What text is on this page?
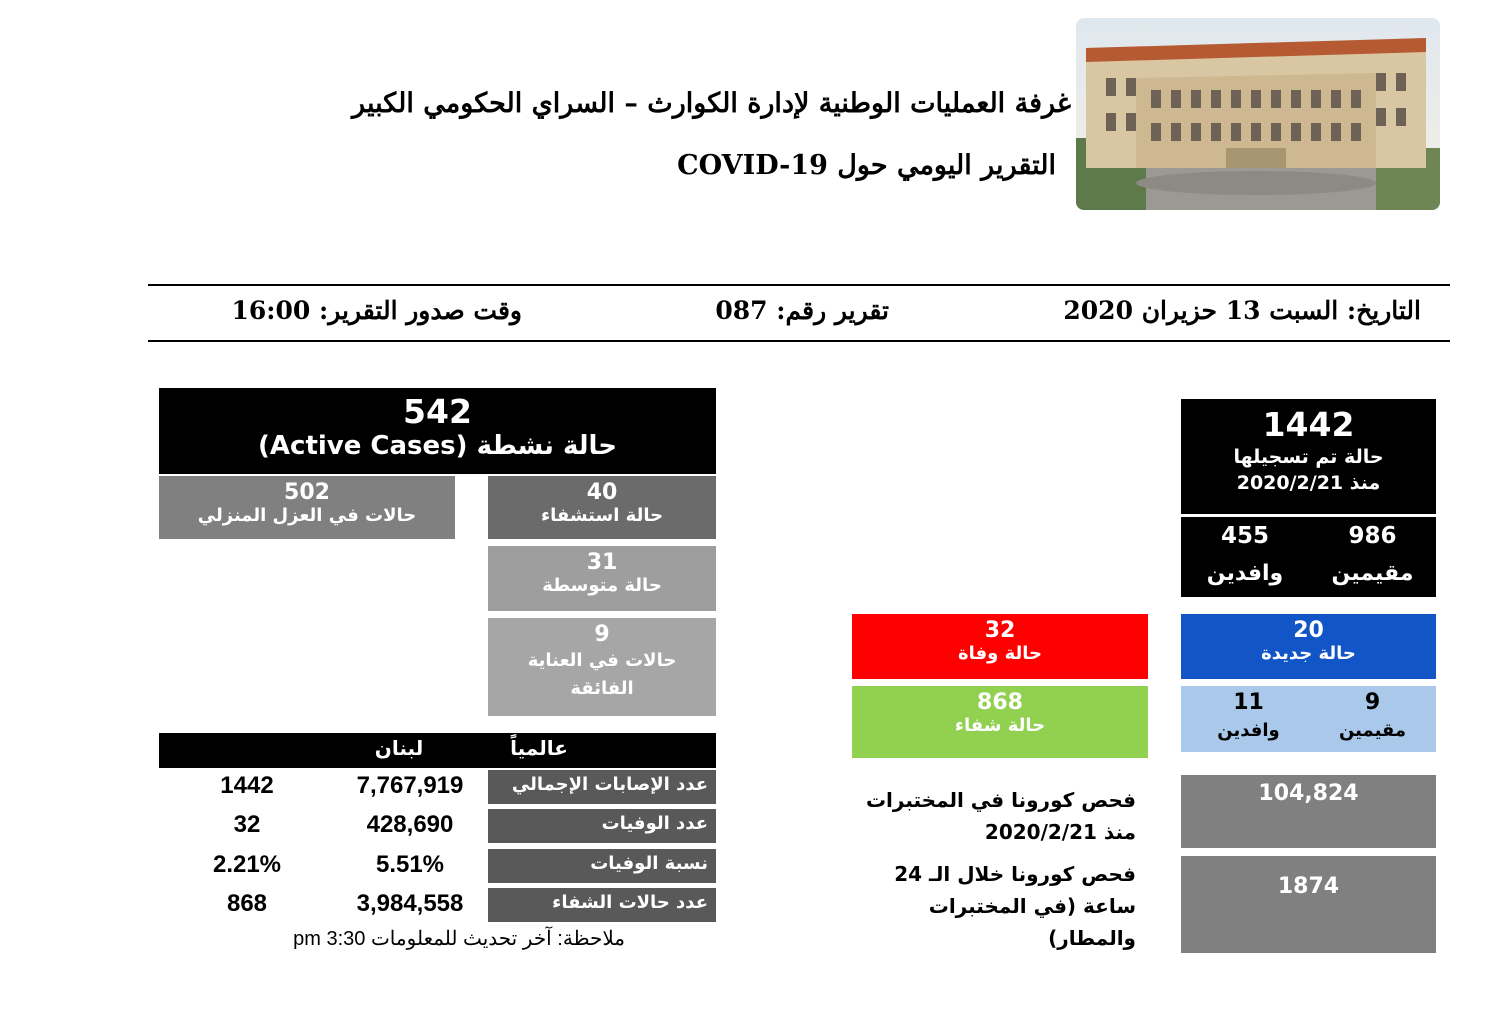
غرفة العمليات الوطنية لإدارة الكوارث – السراي الحكومي الكبير
التقرير اليومي حول COVID-19
التاريخ: السبت 13 حزيران 2020
تقرير رقم: 087
وقت صدور التقرير: 16:00
542
حالة نشطة (Active Cases)
40
حالة استشفاء
502
حالات في العزل المنزلي
31
حالة متوسطة
9
حالات في العناية الفائقة
1442
حالة تم تسجيلها
منذ 2020/2/21
986
مقيمين
455
وافدين
20
حالة جديدة
9
مقيمين
11
وافدين
32
حالة وفاة
868
حالة شفاء
فحص كورونا في المختبرات
منذ 2020/2/21
104,824
فحص كورونا خلال الـ 24
ساعة (في المختبرات
والمطار)
1874
لبنان	عالمياً
عدد الإصابات الإجمالي
عدد الوفيات
نسبة الوفيات
عدد حالات الشفاء
7,767,919
428,690
5.51%
3,984,558
1442
32
2.21%
868
ملاحظة: آخر تحديث للمعلومات 3:30 pm
